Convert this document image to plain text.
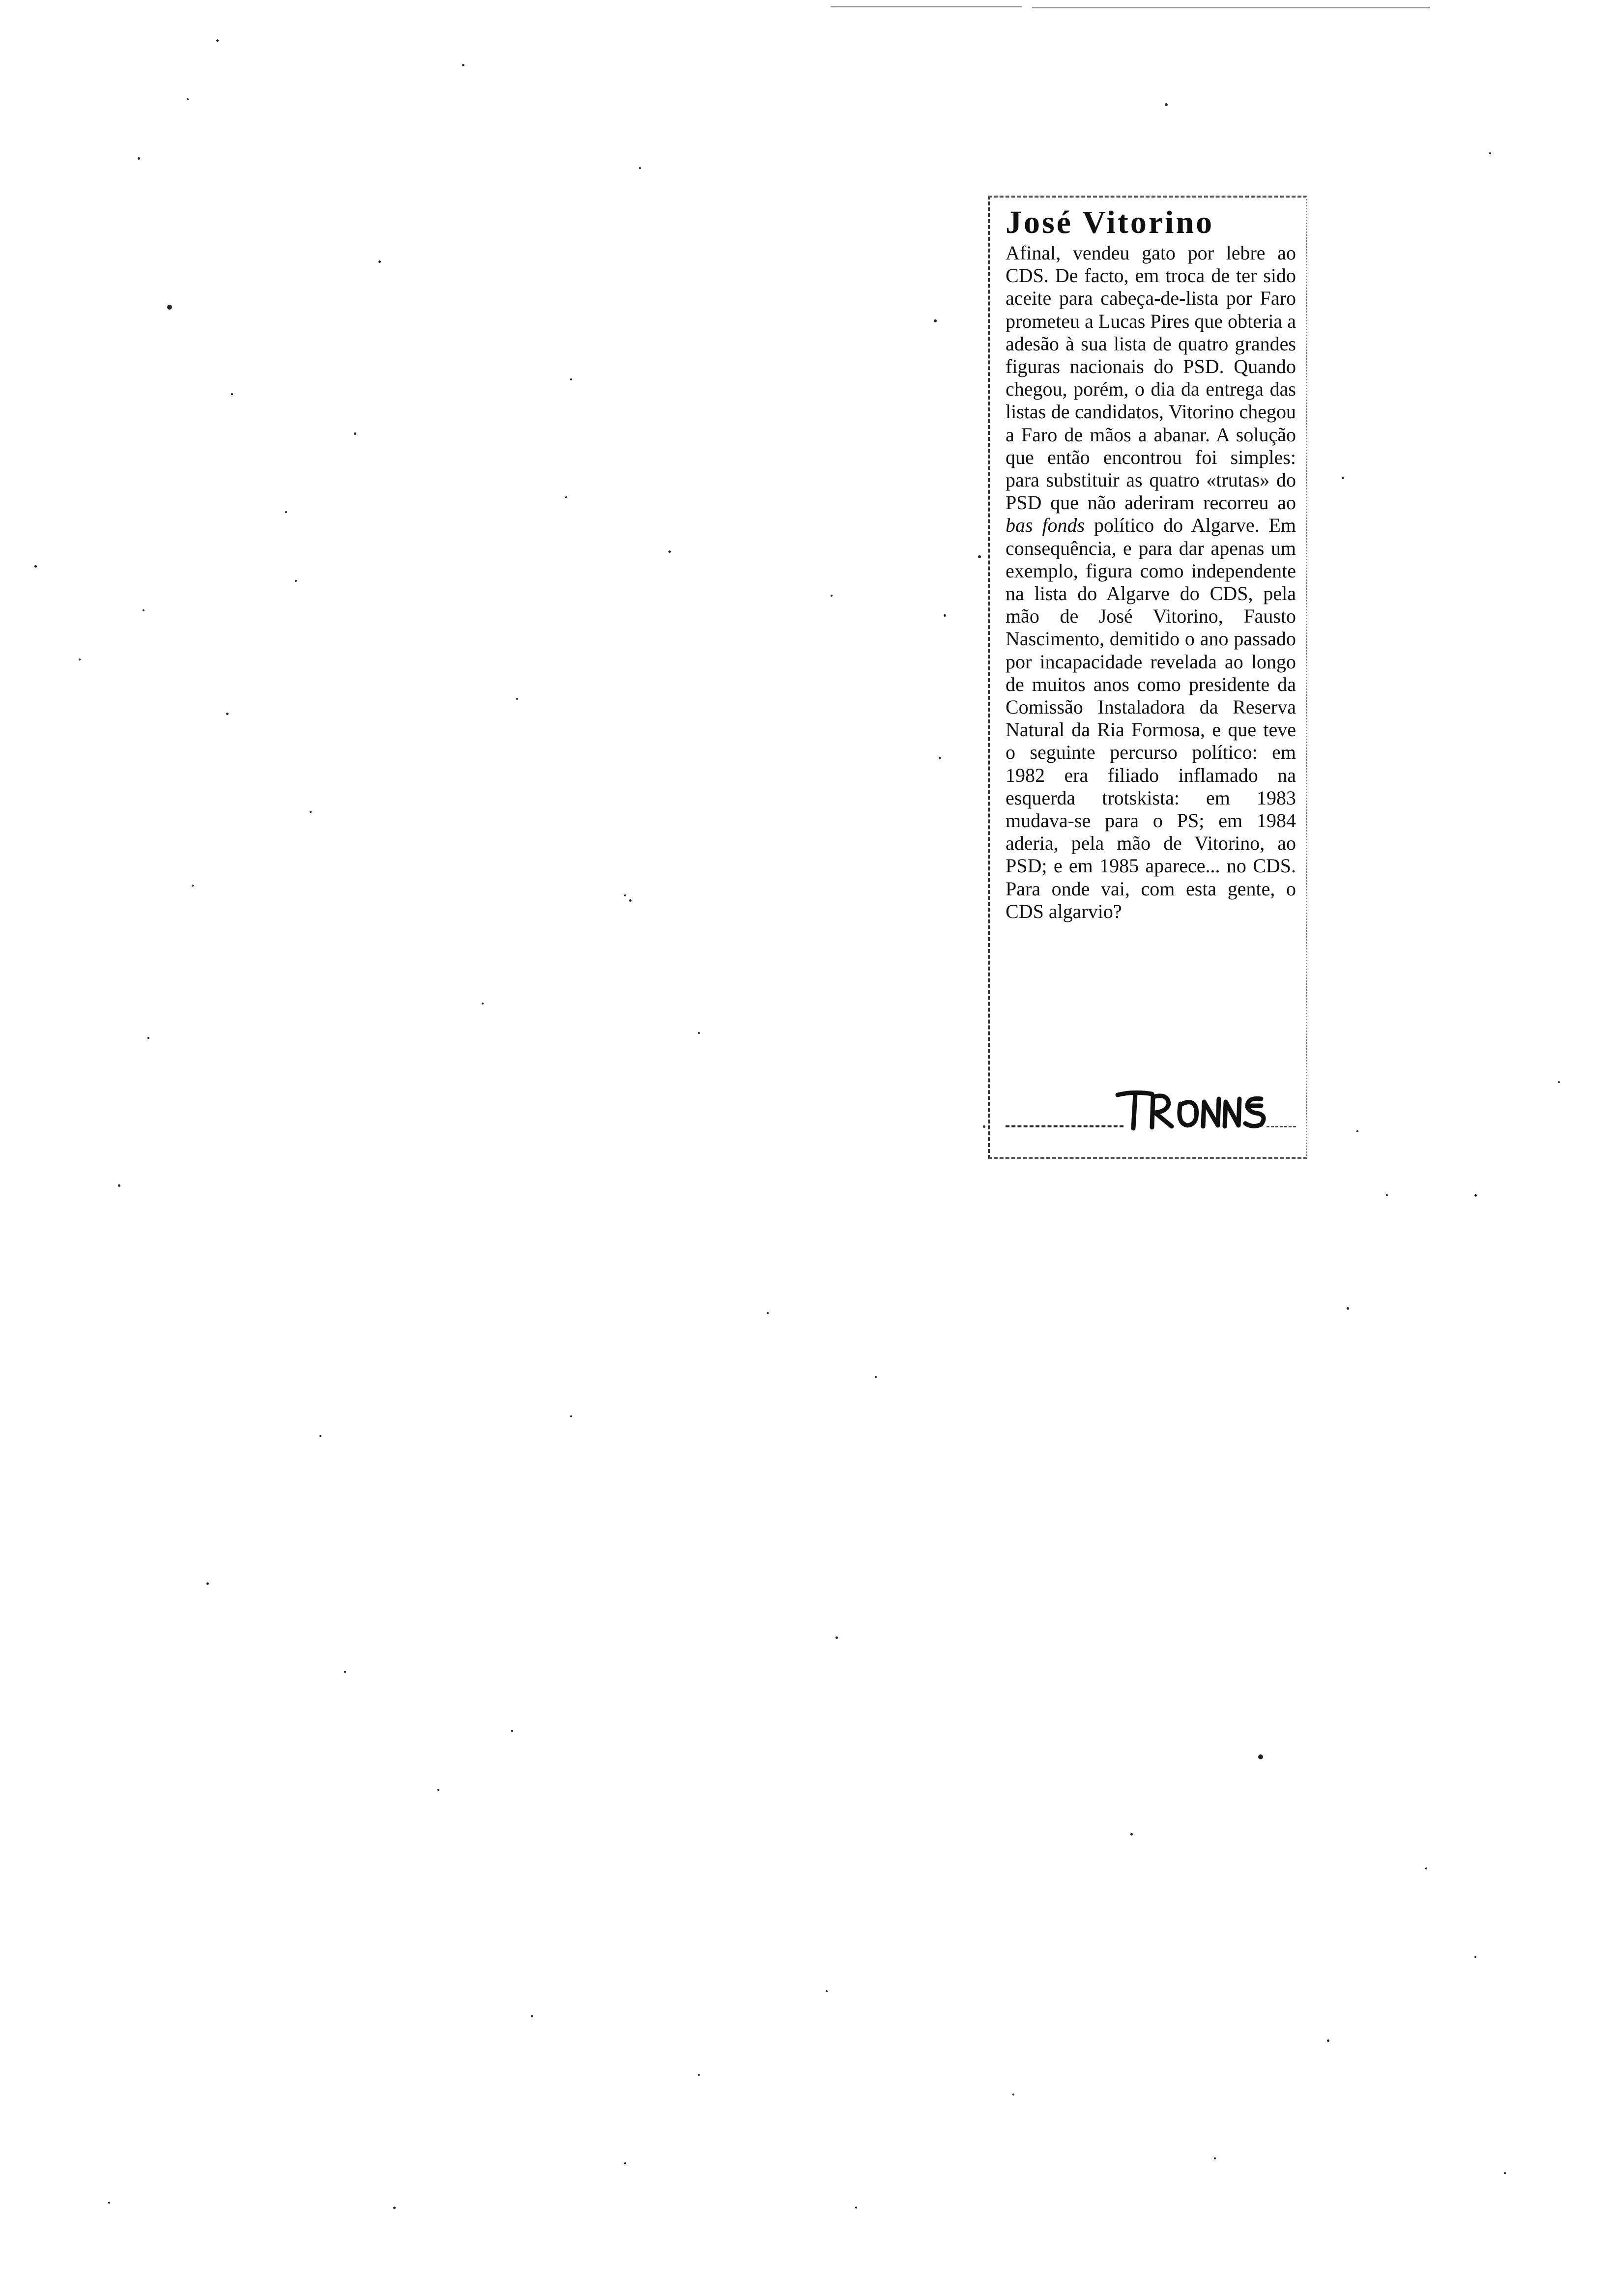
José Vitorino

Afinal, vendeu gato por lebre ao CDS. De facto, em troca de ter sido aceite para cabeça-de-lista por Faro prometeu a Lucas Pires que obteria a adesão à sua lista de quatro grandes figuras nacionais do PSD. Quando chegou, porém, o dia da entrega das listas de candidatos, Vitorino chegou a Faro de mãos a abanar. A solução que então encontrou foi simples: para substituir as quatro «trutas» do PSD que não aderiram recorreu ao bas fonds político do Algarve. Em consequência, e para dar apenas um exemplo, figura como independente na lista do Algarve do CDS, pela mão de José Vitorino, Fausto Nascimento, demitido o ano passado por incapacidade revelada ao longo de muitos anos como presidente da Comissão Instaladora da Reserva Natural da Ria Formosa, e que teve o seguinte percurso político: em 1982 era filiado inflamado na esquerda trotskista: em 1983 mudava-se para o PS; em 1984 aderia, pela mão de Vitorino, ao PSD; e em 1985 aparece... no CDS. Para onde vai, com esta gente, o CDS algarvio?
